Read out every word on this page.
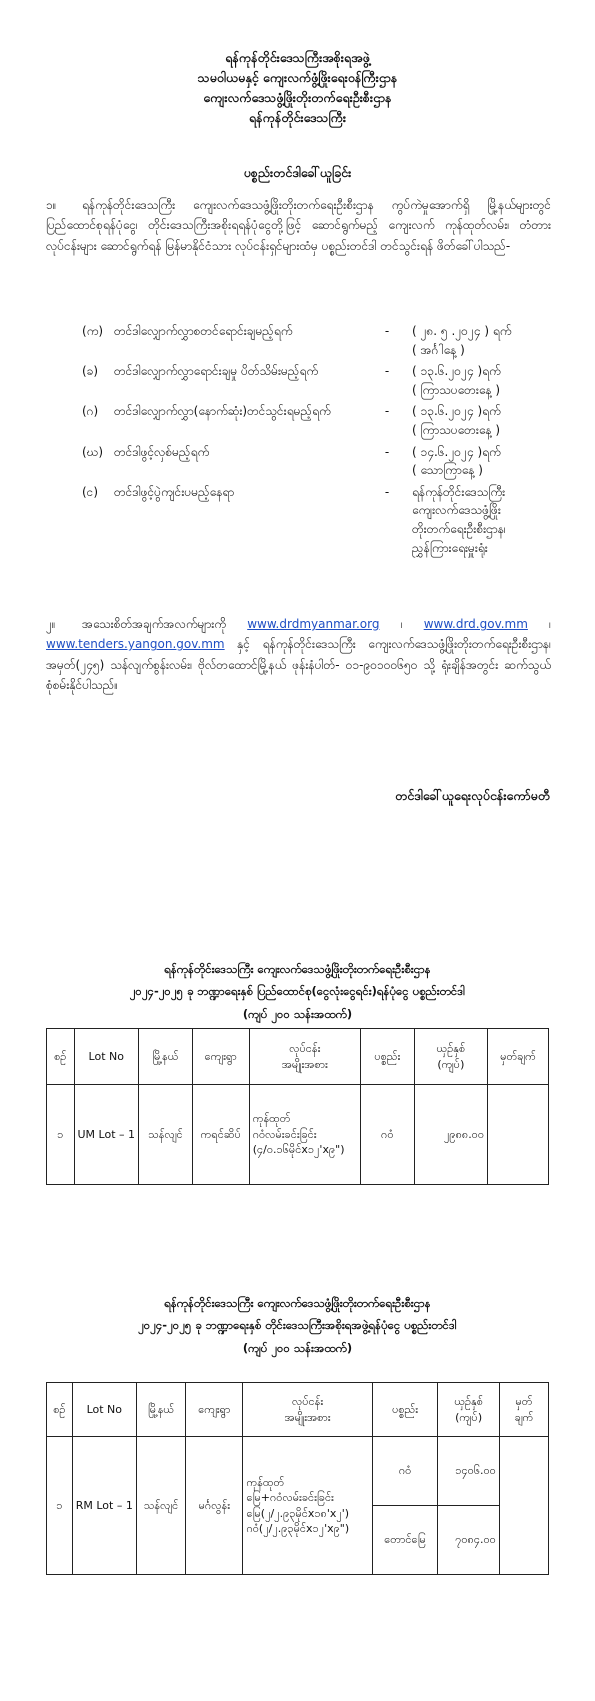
ရန်ကုန်တိုင်းဒေသကြီးအစိုးရအဖွဲ့
သမဝါယမနှင့် ကျေးလက်ဖွံ့ဖြိုးရေးဝန်ကြီးဌာန
ကျေးလက်ဒေသဖွံ့ဖြိုးတိုးတက်ရေးဦးစီးဌာန
ရန်ကုန်တိုင်းဒေသကြီး
ပစ္စည်းတင်ဒါခေါ်ယူခြင်း
၁။ ရန်ကုန်တိုင်းဒေသကြီး ကျေးလက်ဒေသဖွံ့ဖြိုးတိုးတက်ရေးဦးစီးဌာန ကွပ်ကဲမှုအောက်ရှိ မြို့နယ်များတွင် ပြည်ထောင်စုရန်ပုံငွေ၊ တိုင်းဒေသကြီးအစိုးရရန်ပုံငွေတို့ဖြင့် ဆောင်ရွက်မည့် ကျေးလက် ကုန်ထုတ်လမ်း၊ တံတားလုပ်ငန်းများ ဆောင်ရွက်ရန် မြန်မာနိုင်ငံသား လုပ်ငန်းရှင်များထံမှ ပစ္စည်းတင်ဒါ တင်သွင်းရန် ဖိတ်ခေါ်ပါသည်-
(က) တင်ဒါလျှောက်လွှာစတင်ရောင်းချမည့်ရက်	-	( ၂၈. ၅ .၂၀၂၄ ) ရက်
( အင်္ဂါနေ့ )
(ခ)	တင်ဒါလျှောက်လွှာရောင်းချမှု ပိတ်သိမ်းမည့်ရက်	-	( ၁၃.၆.၂၀၂၄ )ရက်
( ကြာသပတေးနေ့ )
(ဂ)	တင်ဒါလျှောက်လွှာ(နောက်ဆုံး)တင်သွင်းရမည့်ရက်	-	( ၁၃.၆.၂၀၂၄ )ရက်
( ကြာသပတေးနေ့ )
(ဃ) တင်ဒါဖွင့်လှစ်မည့်ရက်	-	( ၁၄.၆.၂၀၂၄ )ရက်
( သောကြာနေ့ )
(င)	တင်ဒါဖွင့်ပွဲကျင်းပမည့်နေရာ	-	ရန်ကုန်တိုင်းဒေသကြီး
ကျေးလက်ဒေသဖွံ့ဖြိုး
တိုးတက်ရေးဦးစီးဌာန၊
ညွှန်ကြားရေးမှူးရုံး
၂။ အသေးစိတ်အချက်အလက်များကို www.drdmyanmar.org ၊ www.drd.gov.mm ၊ www.tenders.yangon.gov.mm နှင့် ရန်ကုန်တိုင်းဒေသကြီး ကျေးလက်ဒေသဖွံ့ဖြိုးတိုးတက်ရေးဦးစီးဌာန၊ အမှတ်(၂၄၅) သန်လျက်စွန်းလမ်း၊ ဗိုလ်တထောင်မြို့နယ် ဖုန်းနံပါတ်- ၀၁-၉၀၁၀၀၆၅၀ သို့ ရုံးချိန်အတွင်း ဆက်သွယ်စုံစမ်းနိုင်ပါသည်။
တင်ဒါခေါ်ယူရေးလုပ်ငန်းကော်မတီ
ရန်ကုန်တိုင်းဒေသကြီး ကျေးလက်ဒေသဖွံ့ဖြိုးတိုးတက်ရေးဦးစီးဌာန
၂၀၂၄-၂၀၂၅ ခု ဘဏ္ဍာရေးနှစ် ပြည်ထောင်စု(ငွေလုံးငွေရင်း)ရန်ပုံငွေ ပစ္စည်းတင်ဒါ
(ကျပ် ၂၀၀ သန်းအထက်)
စဉ်	Lot No	မြို့နယ်	ကျေးရွာ	လုပ်ငန်း
အမျိုးအစား	ပစ္စည်း	ယှဉ်နှစ်
(ကျပ်)	မှတ်ချက်
၁	UM Lot – 1	သန်လျင်	ကရင်ဆိပ်	ကုန်ထုတ်
ဂဝံလမ်းခင်းခြင်း
(၄/၀.၁၆မိုင်x၁၂'x၉")	ဂဝံ	၂၉၈၈.၀၀	
ရန်ကုန်တိုင်းဒေသကြီး ကျေးလက်ဒေသဖွံ့ဖြိုးတိုးတက်ရေးဦးစီးဌာန
၂၀၂၄-၂၀၂၅ ခု ဘဏ္ဍာရေးနှစ် တိုင်းဒေသကြီးအစိုးရအဖွဲ့ရန်ပုံငွေ ပစ္စည်းတင်ဒါ
(ကျပ် ၂၀၀ သန်းအထက်)
စဉ်	Lot No	မြို့နယ်	ကျေးရွာ	လုပ်ငန်း
အမျိုးအစား	ပစ္စည်း	ယှဉ်နှစ်
(ကျပ်)	မှတ်
ချက်
၁	RM Lot – 1	သန်လျင်	မင်္ဂလွန်း	ကုန်ထုတ်
မြေ+ဂဝံလမ်းခင်းခြင်း
မြေ(၂/၂.၉၃မိုင်x၁၈'x၂')
ဂဝံ(၂/၂.၉၃မိုင်x၁၂'x၉")	ဂဝံ	၁၄၀၆.၀၀	
					တောင်မြေ	၇၀၈၄.၀၀	
